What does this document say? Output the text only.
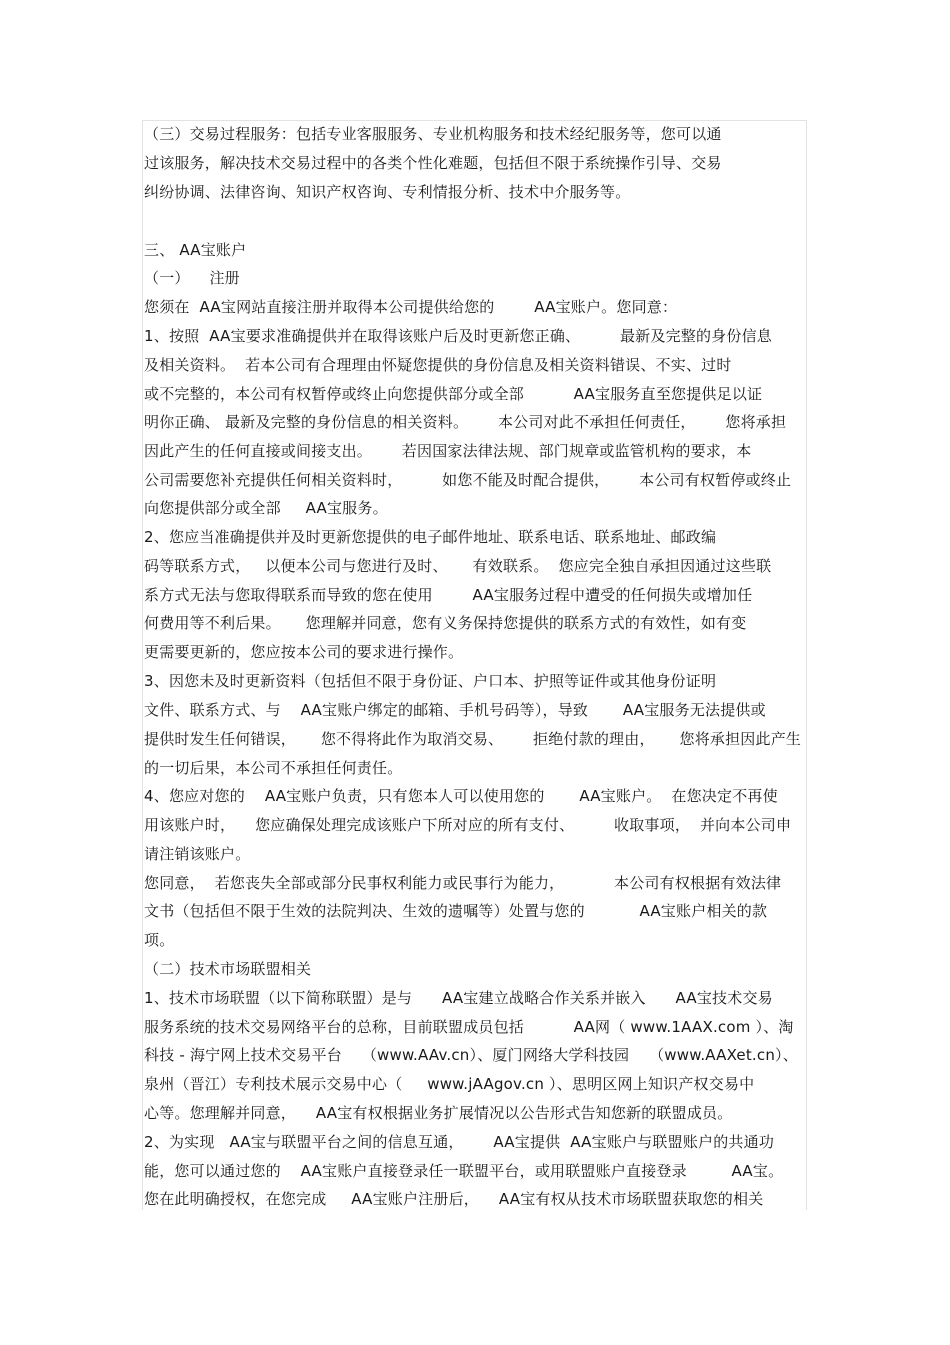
（三）交易过程服务：包括专业客服服务、专业机构服务和技术经纪服务等，您可以通
过该服务，解决技术交易过程中的各类个性化难题，包括但不限于系统操作引导、交易
纠纷协调、法律咨询、知识产权咨询、专利情报分析、技术中介服务等。
三、 AA宝账户
（一）    注册
您须在  AA宝网站直接注册并取得本公司提供给您的        AA宝账户。您同意：
1、按照  AA宝要求准确提供并在取得该账户后及时更新您正确、        最新及完整的身份信息
及相关资料。  若本公司有合理理由怀疑您提供的身份信息及相关资料错误、不实、过时
或不完整的，本公司有权暂停或终止向您提供部分或全部          AA宝服务直至您提供足以证
明你正确、 最新及完整的身份信息的相关资料。      本公司对此不承担任何责任，      您将承担
因此产生的任何直接或间接支出。      若因国家法律法规、部门规章或监管机构的要求，本
公司需要您补充提供任何相关资料时，        如您不能及时配合提供，      本公司有权暂停或终止
向您提供部分或全部     AA宝服务。
2、您应当准确提供并及时更新您提供的电子邮件地址、联系电话、联系地址、邮政编
码等联系方式，   以便本公司与您进行及时、     有效联系。  您应完全独自承担因通过这些联
系方式无法与您取得联系而导致的您在使用        AA宝服务过程中遭受的任何损失或增加任
何费用等不利后果。     您理解并同意，您有义务保持您提供的联系方式的有效性，如有变
更需要更新的，您应按本公司的要求进行操作。
3、因您未及时更新资料（包括但不限于身份证、户口本、护照等证件或其他身份证明
文件、联系方式、与    AA宝账户绑定的邮箱、手机号码等），导致       AA宝服务无法提供或
提供时发生任何错误，     您不得将此作为取消交易、      拒绝付款的理由，     您将承担因此产生
的一切后果，本公司不承担任何责任。
4、您应对您的    AA宝账户负责，只有您本人可以使用您的       AA宝账户。  在您决定不再使
用该账户时，    您应确保处理完成该账户下所对应的所有支付、        收取事项，  并向本公司申
请注销该账户。
您同意，  若您丧失全部或部分民事权利能力或民事行为能力，          本公司有权根据有效法律
文书（包括但不限于生效的法院判决、生效的遗嘱等）处置与您的           AA宝账户相关的款
项。
（二）技术市场联盟相关
1、技术市场联盟（以下简称联盟）是与      AA宝建立战略合作关系并嵌入      AA宝技术交易
服务系统的技术交易网络平台的总称，目前联盟成员包括          AA网（ www.1AAX.com ）、淘
科技 - 海宁网上技术交易平台    （www.AAv.cn）、厦门网络大学科技园    （www.AAXet.cn）、
泉州（晋江）专利技术展示交易中心（     www.jAAgov.cn ）、思明区网上知识产权交易中
心等。您理解并同意，    AA宝有权根据业务扩展情况以公告形式告知您新的联盟成员。
2、为实现   AA宝与联盟平台之间的信息互通，      AA宝提供  AA宝账户与联盟账户的共通功
能，您可以通过您的    AA宝账户直接登录任一联盟平台，或用联盟账户直接登录         AA宝。
您在此明确授权，在您完成     AA宝账户注册后，    AA宝有权从技术市场联盟获取您的相关
